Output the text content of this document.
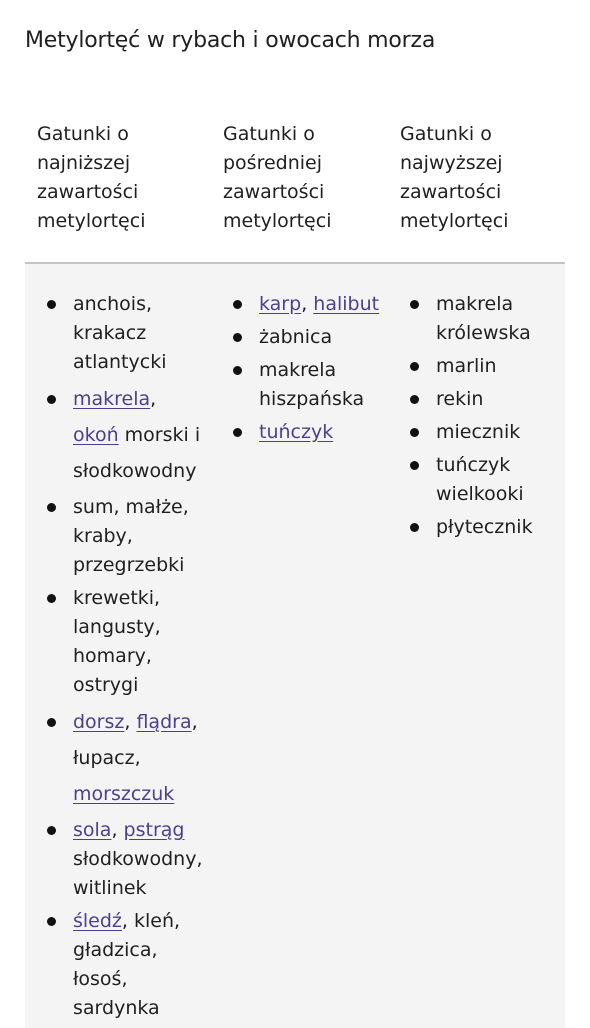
Metylortęć w rybach i owocach morza
Gatunki o najniższej zawartości metylortęci
Gatunki o pośredniej zawartości metylortęci
Gatunki o najwyższej zawartości metylortęci
anchois, krakacz atlantycki
makrela, okoń morski i słodkowodny
sum, małże, kraby, przegrzebki
krewetki, langusty, homary, ostrygi
dorsz, flądra, łupacz, morszczuk
sola, pstrąg słodkowodny, witlinek
śledź, kleń, gładzica, łosoś, sardynka
karp, halibut
żabnica
makrela hiszpańska
tuńczyk
makrela królewska
marlin
rekin
miecznik
tuńczyk wielkooki
płytecznik
